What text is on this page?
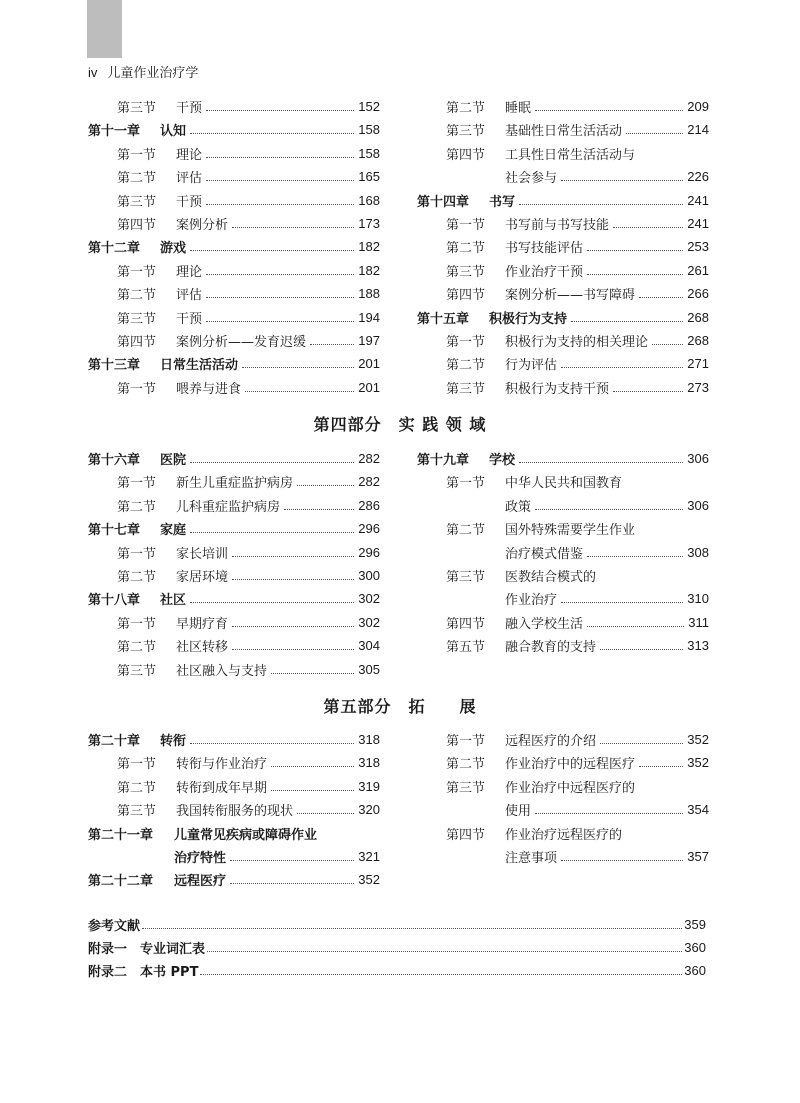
iv 儿童作业治疗学
第三节	干预	152
第十一章	认知	158
第一节	理论	158
第二节	评估	165
第三节	干预	168
第四节	案例分析	173
第十二章	游戏	182
第一节	理论	182
第二节	评估	188
第三节	干预	194
第四节	案例分析——发育迟缓	197
第十三章	日常生活活动	201
第一节	喂养与进食	201
第二节	睡眠	209
第三节	基础性日常生活活动	214
第四节	工具性日常生活活动与
社会参与	226
第十四章	书写	241
第一节	书写前与书写技能	241
第二节	书写技能评估	253
第三节	作业治疗干预	261
第四节	案例分析——书写障碍	266
第十五章	积极行为支持	268
第一节	积极行为支持的相关理论	268
第二节	行为评估	271
第三节	积极行为支持干预	273
第四部分　实 践 领 域
第十六章	医院	282
第一节	新生儿重症监护病房	282
第二节	儿科重症监护病房	286
第十七章	家庭	296
第一节	家长培训	296
第二节	家居环境	300
第十八章	社区	302
第一节	早期疗育	302
第二节	社区转移	304
第三节	社区融入与支持	305
第十九章	学校	306
第一节	中华人民共和国教育
政策	306
第二节	国外特殊需要学生作业
治疗模式借鉴	308
第三节	医教结合模式的
作业治疗	310
第四节	融入学校生活	311
第五节	融合教育的支持	313
第五部分　拓　　展
第二十章	转衔	318
第一节	转衔与作业治疗	318
第二节	转衔到成年早期	319
第三节	我国转衔服务的现状	320
第二十一章	儿童常见疾病或障碍作业
治疗特性	321
第二十二章	远程医疗	352
第一节	远程医疗的介绍	352
第二节	作业治疗中的远程医疗	352
第三节	作业治疗中远程医疗的
使用	354
第四节	作业治疗远程医疗的
注意事项	357
参考文献	359
附录一　专业词汇表	360
附录二　本书 PPT	360
